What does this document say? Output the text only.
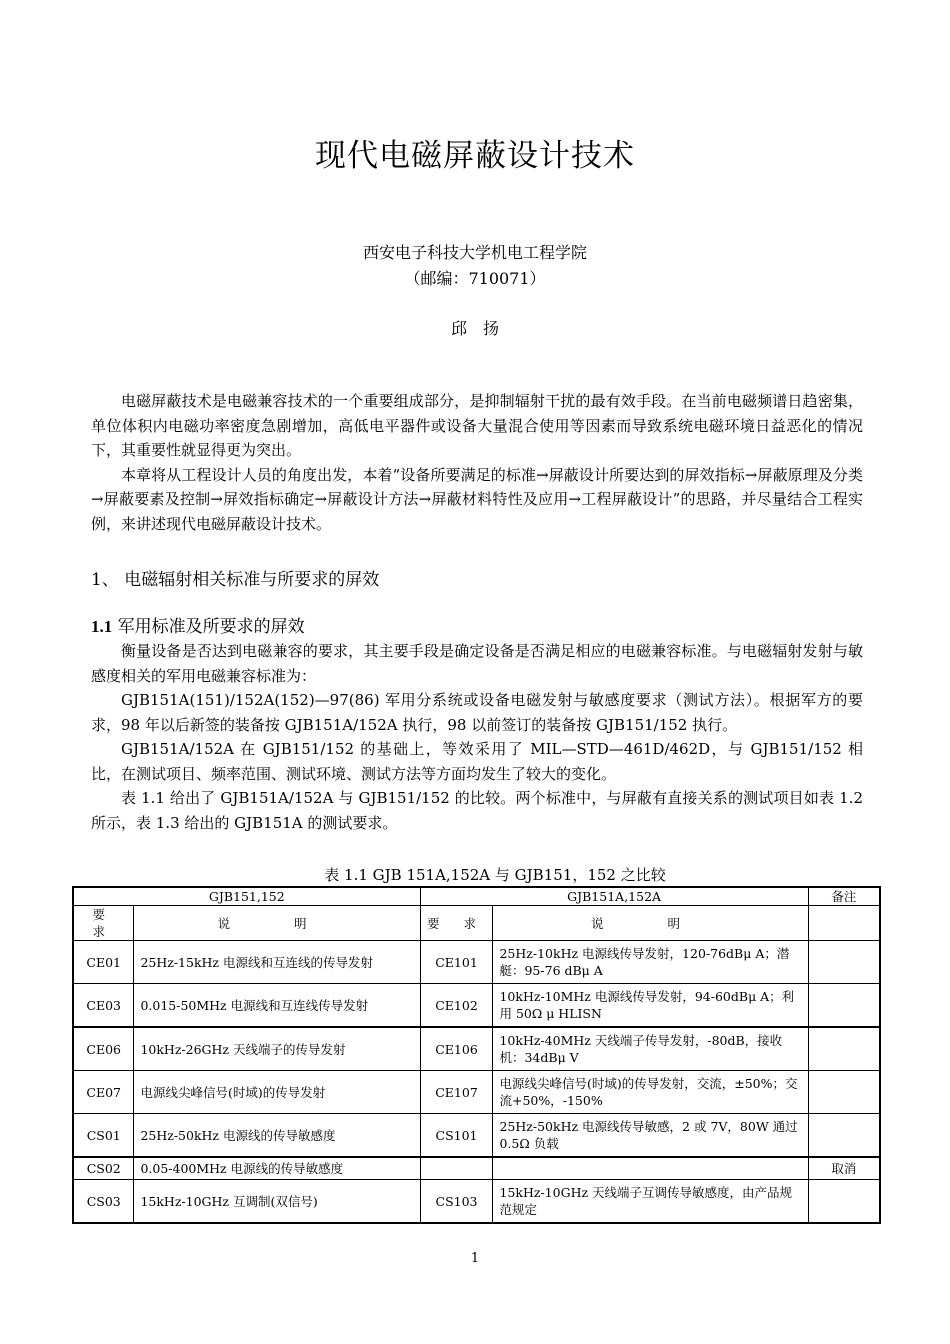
现代电磁屏蔽设计技术
西安电子科技大学机电工程学院
（邮编：710071）
邱　扬

电磁屏蔽技术是电磁兼容技术的一个重要组成部分，是抑制辐射干扰的最有效手段。在当前电磁频谱日趋密集，单位体积内电磁功率密度急剧增加，高低电平器件或设备大量混合使用等因素而导致系统电磁环境日益恶化的情况下，其重要性就显得更为突出。

本章将从工程设计人员的角度出发，本着“设备所要满足的标准→屏蔽设计所要达到的屏效指标→屏蔽原理及分类→屏蔽要素及控制→屏效指标确定→屏蔽设计方法→屏蔽材料特性及应用→工程屏蔽设计”的思路，并尽量结合工程实例，来讲述现代电磁屏蔽设计技术。

1、 电磁辐射相关标准与所要求的屏效
1.1 军用标准及所要求的屏效

衡量设备是否达到电磁兼容的要求，其主要手段是确定设备是否满足相应的电磁兼容标准。与电磁辐射发射与敏感度相关的军用电磁兼容标准为：

GJB151A(151)/152A(152)—97(86) 军用分系统或设备电磁发射与敏感度要求（测试方法）。根据军方的要求，98 年以后新签的装备按 GJB151A/152A 执行，98 以前签订的装备按 GJB151/152 执行。

GJB151A/152A 在 GJB151/152 的基础上，等效采用了 MIL—STD—461D/462D，与 GJB151/152 相比，在测试项目、频率范围、测试环境、测试方法等方面均发生了较大的变化。

表 1.1 给出了 GJB151A/152A 与 GJB151/152 的比较。两个标准中，与屏蔽有直接关系的测试项目如表 1.2 所示，表 1.3 给出的 GJB151A 的测试要求。

表 1.1 GJB 151A,152A 与 GJB151，152 之比较
GJB151,152		GJB151A,152A		备注
要 求	说 明	要 求	说 明	
CE01	25Hz-15kHz 电源线和互连线的传导发射	CE101	25Hz-10kHz 电源线传导发射，120-76dBμ A；潜艇：95-76 dBμ A	
CE03	0.015-50MHz 电源线和互连线传导发射	CE102	10kHz-10MHz 电源线传导发射，94-60dBμ A；利用 50Ω μ HLISN	
CE06	10kHz-26GHz 天线端子的传导发射	CE106	10kHz-40MHz 天线端子传导发射，-80dB，接收机：34dBμ V	
CE07	电源线尖峰信号(时域)的传导发射	CE107	电源线尖峰信号(时域)的传导发射，交流，±50%；交流+50%，-150%	
CS01	25Hz-50kHz 电源线的传导敏感度	CS101	25Hz-50kHz 电源线传导敏感，2 或 7V，80W 通过 0.5Ω 负载	
CS02	0.05-400MHz 电源线的传导敏感度			取消
CS03	15kHz-10GHz 互调制(双信号)	CS103	15kHz-10GHz 天线端子互调传导敏感度，由产品规范规定	
1
